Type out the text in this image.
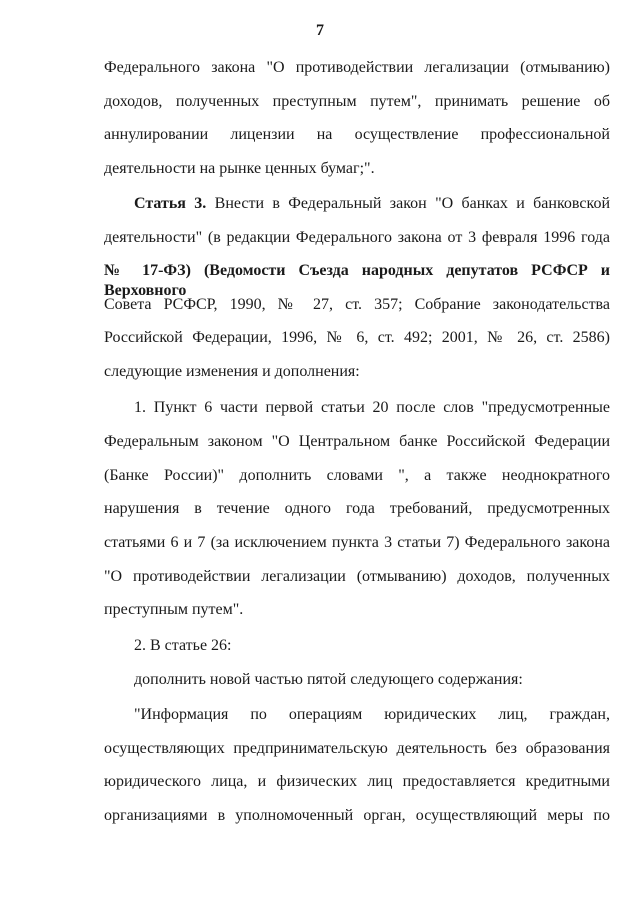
7
Федерального закона "О противодействии легализации (отмыванию)
доходов, полученных преступным путем", принимать решение об
аннулировании лицензии на осуществление профессиональной
деятельности на рынке ценных бумаг;".
Статья 3. Внести в Федеральный закон "О банках и банковской
деятельности" (в редакции Федерального закона от 3 февраля 1996 года
№ 17-ФЗ) (Ведомости Съезда народных депутатов РСФСР и Верховного
Совета РСФСР, 1990, № 27, ст. 357; Собрание законодательства
Российской Федерации, 1996, № 6, ст. 492; 2001, № 26, ст. 2586)
следующие изменения и дополнения:
1. Пункт 6 части первой статьи 20 после слов "предусмотренные
Федеральным законом "О Центральном банке Российской Федерации
(Банке России)" дополнить словами ", а также неоднократного
нарушения в течение одного года требований, предусмотренных
статьями 6 и 7 (за исключением пункта 3 статьи 7) Федерального закона
"О противодействии легализации (отмыванию) доходов, полученных
преступным путем".
2. В статье 26:
дополнить новой частью пятой следующего содержания:
"Информация по операциям юридических лиц, граждан,
осуществляющих предпринимательскую деятельность без образования
юридического лица, и физических лиц предоставляется кредитными
организациями в уполномоченный орган, осуществляющий меры по
